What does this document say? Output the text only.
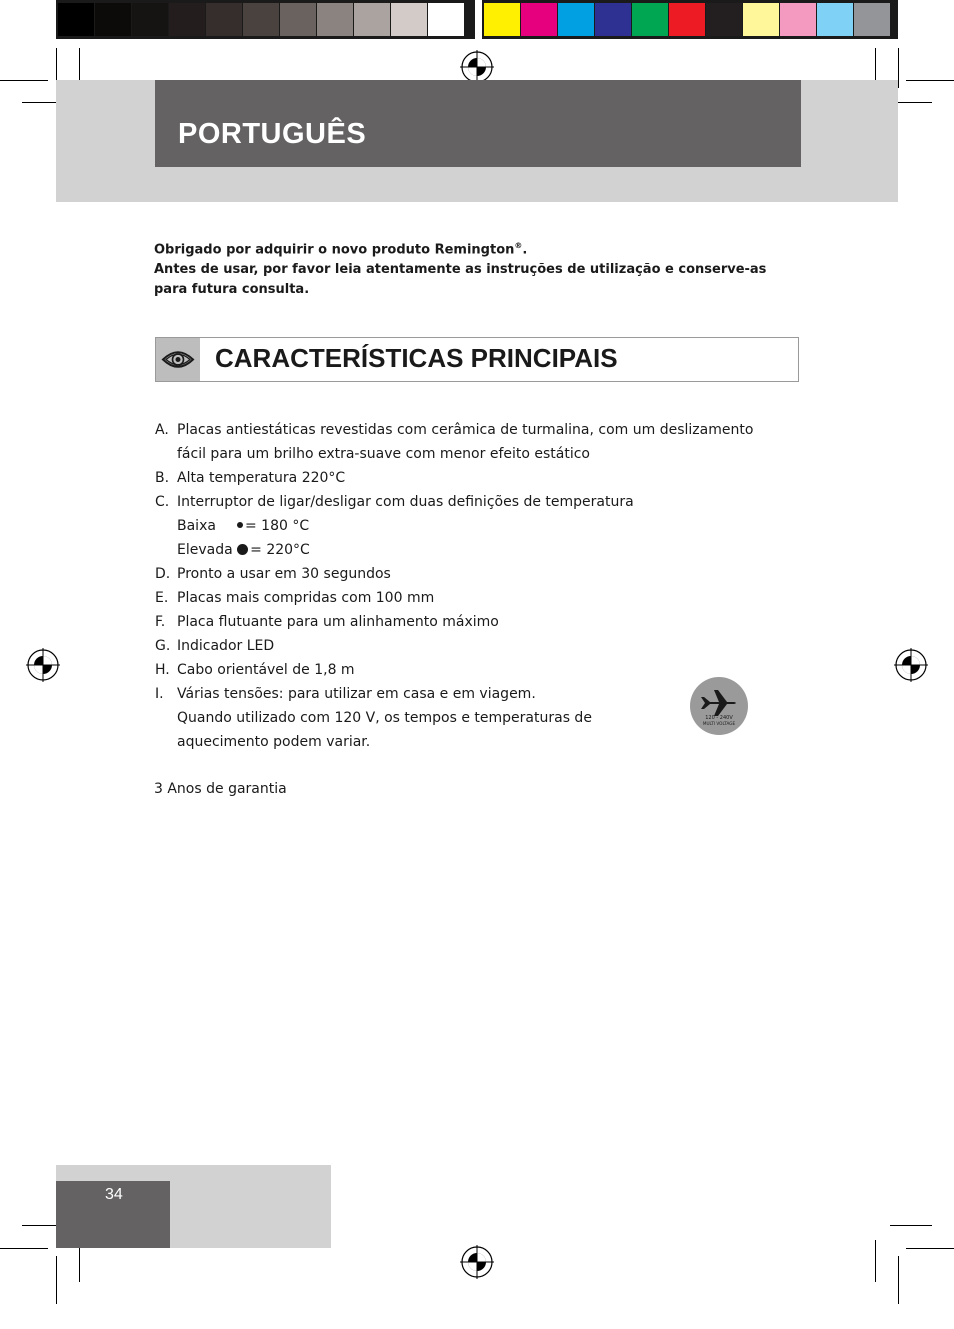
PORTUGUÊS

Obrigado por adquirir o novo produto Remington®.

Antes de usar, por favor leia atentamente as instruções de utilização e conserve-as para futura consulta.

CARACTERÍSTICAS PRINCIPAIS
A. Placas antiestáticas revestidas com cerâmica de turmalina, com um deslizamento fácil para um brilho extra-suave com menor efeito estático
B. Alta temperatura 220°C
C. Interruptor de ligar/desligar com duas definições de temperatura
Baixa = 180 °C
Elevada = 220°C
D. Pronto a usar em 30 segundos
E. Placas mais compridas com 100 mm
F. Placa flutuante para um alinhamento máximo
G. Indicador LED
H. Cabo orientável de 1,8 m
I. Várias tensões: para utilizar em casa e em viagem.
Quando utilizado com 120 V, os tempos e temperaturas de aquecimento podem variar.
120 - 240V
MULTI VOLTAGE

3 Anos de garantia

34
